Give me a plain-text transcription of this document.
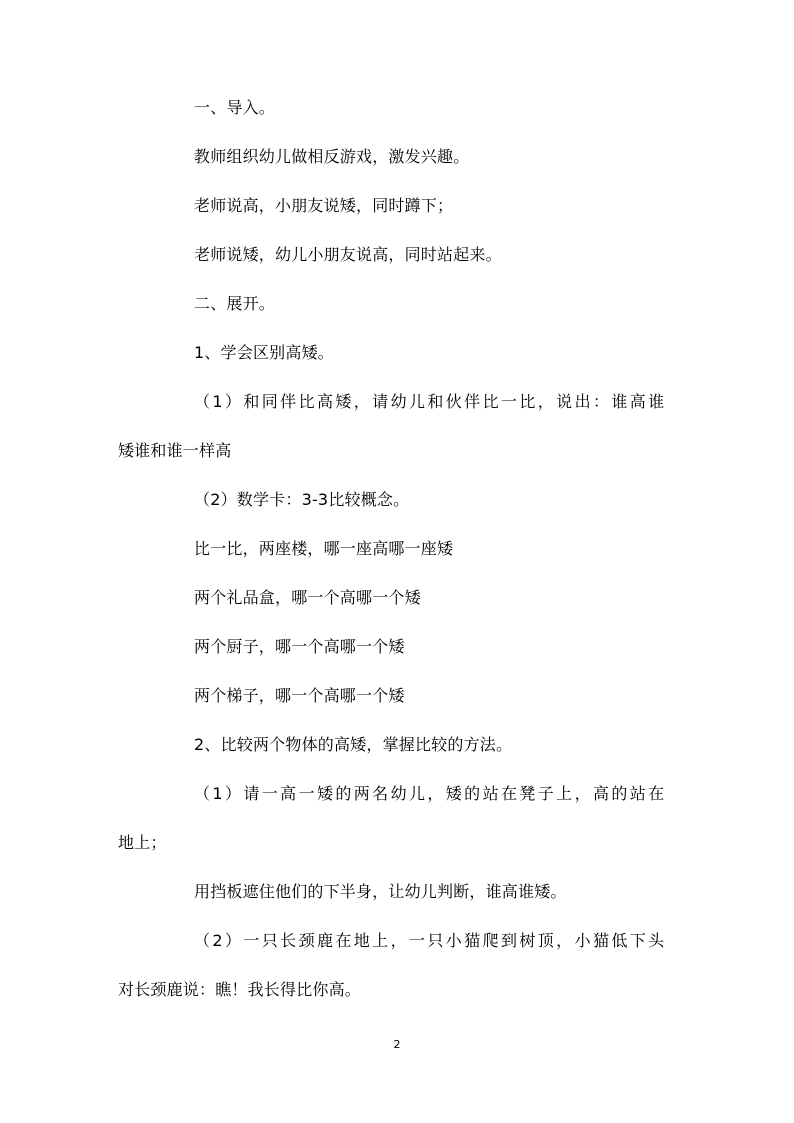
一、导入。
教师组织幼儿做相反游戏，激发兴趣。
老师说高，小朋友说矮，同时蹲下；
老师说矮，幼儿小朋友说高，同时站起来。
二、展开。
1、学会区别高矮。
（1）和同伴比高矮，请幼儿和伙伴比一比，说出：谁高谁
矮谁和谁一样高
（2）数学卡：3-3比较概念。
比一比，两座楼，哪一座高哪一座矮
两个礼品盒，哪一个高哪一个矮
两个厨子，哪一个高哪一个矮
两个梯子，哪一个高哪一个矮
2、比较两个物体的高矮，掌握比较的方法。
（1）请一高一矮的两名幼儿，矮的站在凳子上，高的站在
地上；
用挡板遮住他们的下半身，让幼儿判断，谁高谁矮。
（2）一只长颈鹿在地上，一只小猫爬到树顶，小猫低下头
对长颈鹿说：瞧！我长得比你高。
2
